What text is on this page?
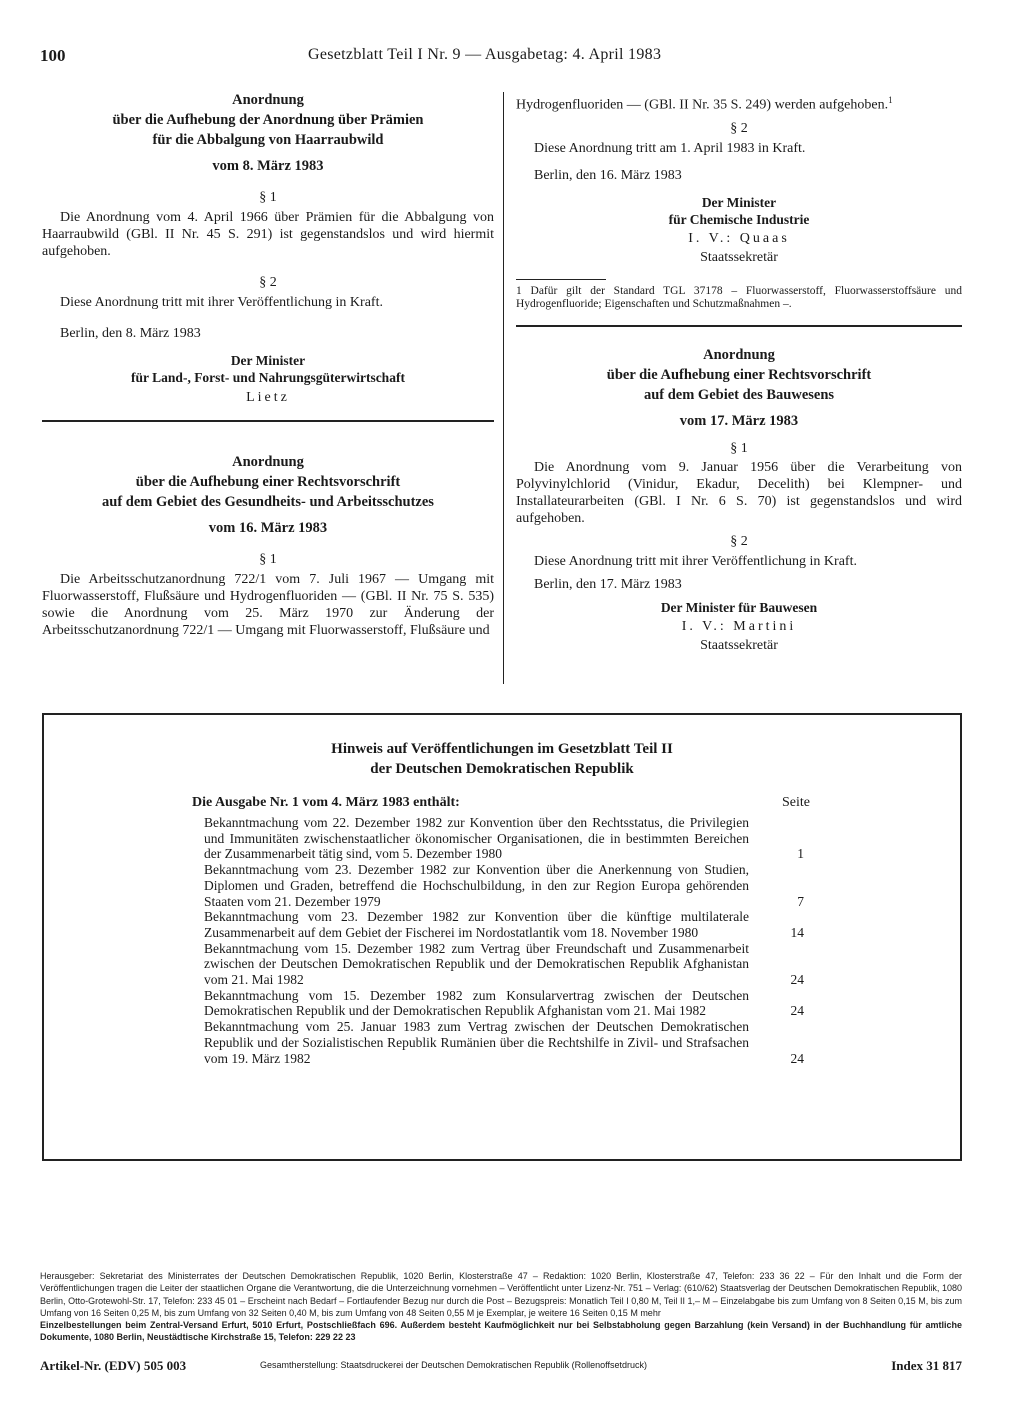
100	Gesetzblatt Teil I Nr. 9 — Ausgabetag: 4. April 1983
Anordnung
über die Aufhebung der Anordnung über Prämien
für die Abbalgung von Haarraubwild
vom 8. März 1983
§ 1
Die Anordnung vom 4. April 1966 über Prämien für die Abbalgung von Haarraubwild (GBl. II Nr. 45 S. 291) ist gegenstandslos und wird hiermit aufgehoben.
§ 2
Diese Anordnung tritt mit ihrer Veröffentlichung in Kraft.
Berlin, den 8. März 1983
Der Minister
für Land-, Forst- und Nahrungsgüterwirtschaft
Lietz
Anordnung
über die Aufhebung einer Rechtsvorschrift
auf dem Gebiet des Gesundheits- und Arbeitsschutzes
vom 16. März 1983
§ 1
Die Arbeitsschutzanordnung 722/1 vom 7. Juli 1967 — Umgang mit Fluorwasserstoff, Flußsäure und Hydrogenfluoriden — (GBl. II Nr. 75 S. 535) sowie die Anordnung vom 25. März 1970 zur Änderung der Arbeitsschutzanordnung 722/1 — Umgang mit Fluorwasserstoff, Flußsäure und
Hydrogenfluoriden — (GBl. II Nr. 35 S. 249) werden aufgehoben.$^1$
§ 2
Diese Anordnung tritt am 1. April 1983 in Kraft.
Berlin, den 16. März 1983
Der Minister
für Chemische Industrie
I. V.: Quaas
Staatssekretär
1 Dafür gilt der Standard TGL 37178 – Fluorwasserstoff, Fluorwasserstoffsäure und Hydrogenfluoride; Eigenschaften und Schutzmaßnahmen –.
Anordnung
über die Aufhebung einer Rechtsvorschrift
auf dem Gebiet des Bauwesens
vom 17. März 1983
§ 1
Die Anordnung vom 9. Januar 1956 über die Verarbeitung von Polyvinylchlorid (Vinidur, Ekadur, Decelith) bei Klempner- und Installateurarbeiten (GBl. I Nr. 6 S. 70) ist gegenstandslos und wird aufgehoben.
§ 2
Diese Anordnung tritt mit ihrer Veröffentlichung in Kraft.
Berlin, den 17. März 1983
Der Minister für Bauwesen
I. V.: Martini
Staatssekretär
Hinweis auf Veröffentlichungen im Gesetzblatt Teil II
der Deutschen Demokratischen Republik
Die Ausgabe Nr. 1 vom 4. März 1983 enthält:	Seite
Bekanntmachung vom 22. Dezember 1982 zur Konvention über den Rechtsstatus, die Privilegien und Immunitäten zwischenstaatlicher ökonomischer Organisationen, die in bestimmten Bereichen der Zusammenarbeit tätig sind, vom 5. Dezember 1980	1
Bekanntmachung vom 23. Dezember 1982 zur Konvention über die Anerkennung von Studien, Diplomen und Graden, betreffend die Hochschulbildung, in den zur Region Europa gehörenden Staaten vom 21. Dezember 1979	7
Bekanntmachung vom 23. Dezember 1982 zur Konvention über die künftige multilaterale Zusammenarbeit auf dem Gebiet der Fischerei im Nordostatlantik vom 18. November 1980	14
Bekanntmachung vom 15. Dezember 1982 zum Vertrag über Freundschaft und Zusammenarbeit zwischen der Deutschen Demokratischen Republik und der Demokratischen Republik Afghanistan vom 21. Mai 1982	24
Bekanntmachung vom 15. Dezember 1982 zum Konsularvertrag zwischen der Deutschen Demokratischen Republik und der Demokratischen Republik Afghanistan vom 21. Mai 1982	24
Bekanntmachung vom 25. Januar 1983 zum Vertrag zwischen der Deutschen Demokratischen Republik und der Sozialistischen Republik Rumänien über die Rechtshilfe in Zivil- und Strafsachen vom 19. März 1982	24
Herausgeber: Sekretariat des Ministerrates der Deutschen Demokratischen Republik, 1020 Berlin, Klosterstraße 47 – Redaktion: 1020 Berlin, Klosterstraße 47, Telefon: 233 36 22 – Für den Inhalt und die Form der Veröffentlichungen tragen die Leiter der staatlichen Organe die Verantwortung, die die Unterzeichnung vornehmen – Veröffentlicht unter Lizenz-Nr. 751 – Verlag: (610/62) Staatsverlag der Deutschen Demokratischen Republik, 1080 Berlin, Otto-Grotewohl-Str. 17, Telefon: 233 45 01 – Erscheint nach Bedarf – Fortlaufender Bezug nur durch die Post – Bezugspreis: Monatlich Teil I 0,80 M, Teil II 1,– M – Einzelabgabe bis zum Umfang von 8 Seiten 0,15 M, bis zum Umfang von 16 Seiten 0,25 M, bis zum Umfang von 32 Seiten 0,40 M, bis zum Umfang von 48 Seiten 0,55 M je Exemplar, je weitere 16 Seiten 0,15 M mehr
Einzelbestellungen beim Zentral-Versand Erfurt, 5010 Erfurt, Postschließfach 696. Außerdem besteht Kaufmöglichkeit nur bei Selbstabholung gegen Barzahlung (kein Versand) in der Buchhandlung für amtliche Dokumente, 1080 Berlin, Neustädtische Kirchstraße 15, Telefon: 229 22 23
Artikel-Nr. (EDV) 505 003	Gesamtherstellung: Staatsdruckerei der Deutschen Demokratischen Republik (Rollenoffsetdruck)	Index 31 817
